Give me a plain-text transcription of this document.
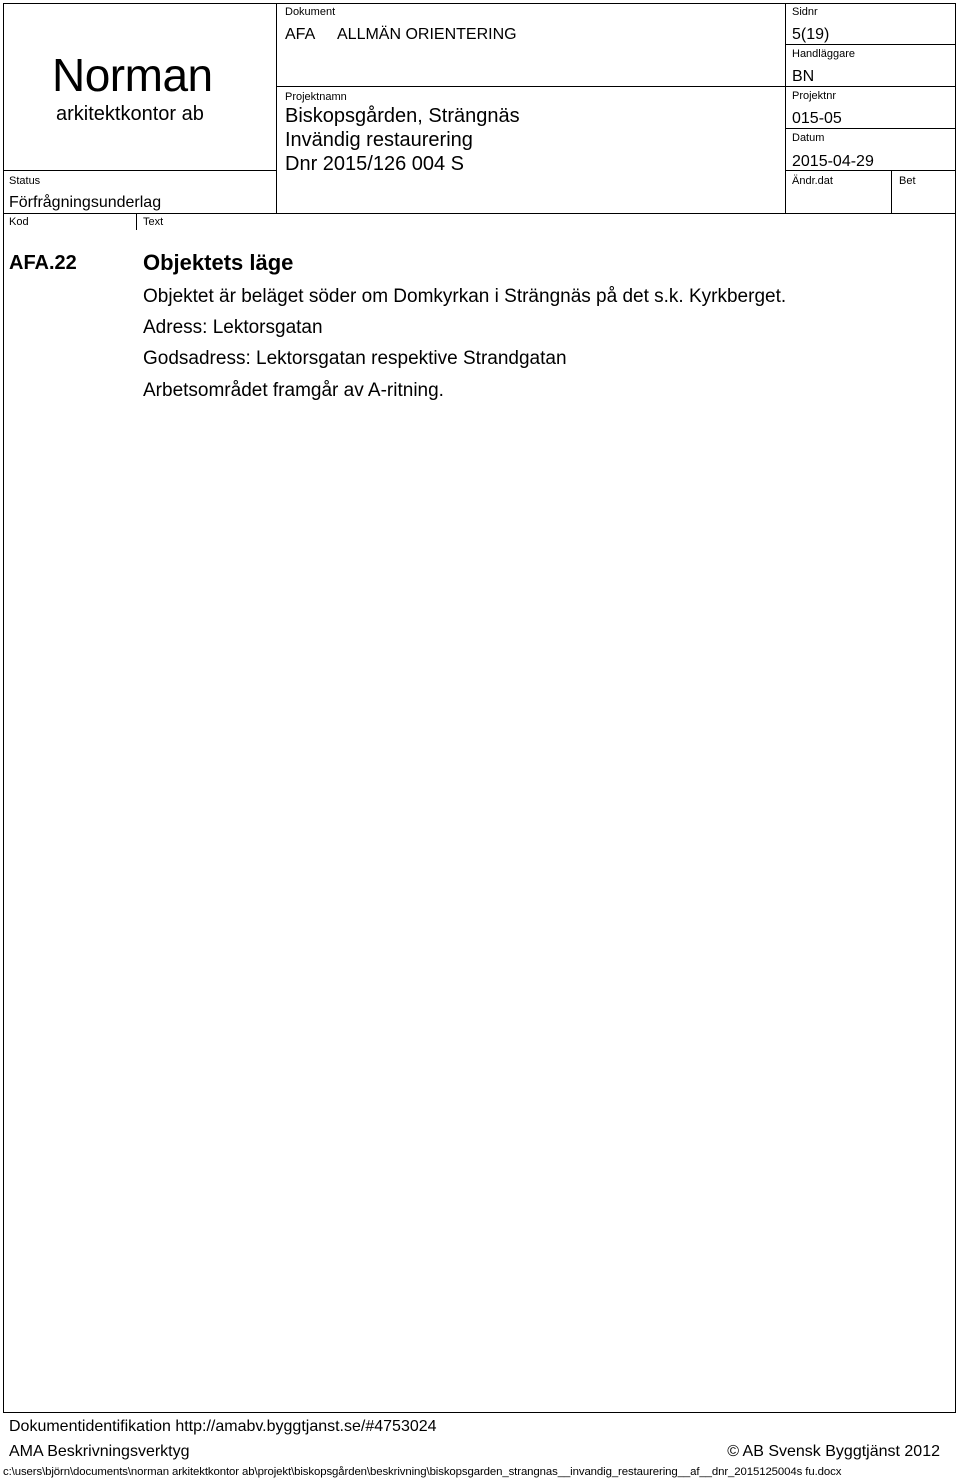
Norman
arkitektkontor ab
Status
Förfrågningsunderlag
Kod	Text
Dokument
AFA ALLMÄN ORIENTERING
Projektnamn
Biskopsgården, Strängnäs
Invändig restaurering
Dnr 2015/126 004 S
Sidnr
5(19)
Handläggare
BN
Projektnr
015-05
Datum
2015-04-29
Ändr.dat	Bet
AFA.22	Objektets läge
Objektet är beläget söder om Domkyrkan i Strängnäs på det s.k. Kyrkberget.
Adress: Lektorsgatan
Godsadress: Lektorsgatan respektive Strandgatan
Arbetsområdet framgår av A-ritning.
Dokumentidentifikation http://amabv.byggtjanst.se/#4753024
AMA Beskrivningsverktyg	© AB Svensk Byggtjänst 2012
c:\users\björn\documents\norman arkitektkontor ab\projekt\biskopsgården\beskrivning\biskopsgarden_strangnas__invandig_restaurering__af__dnr_2015125004s fu.docx
